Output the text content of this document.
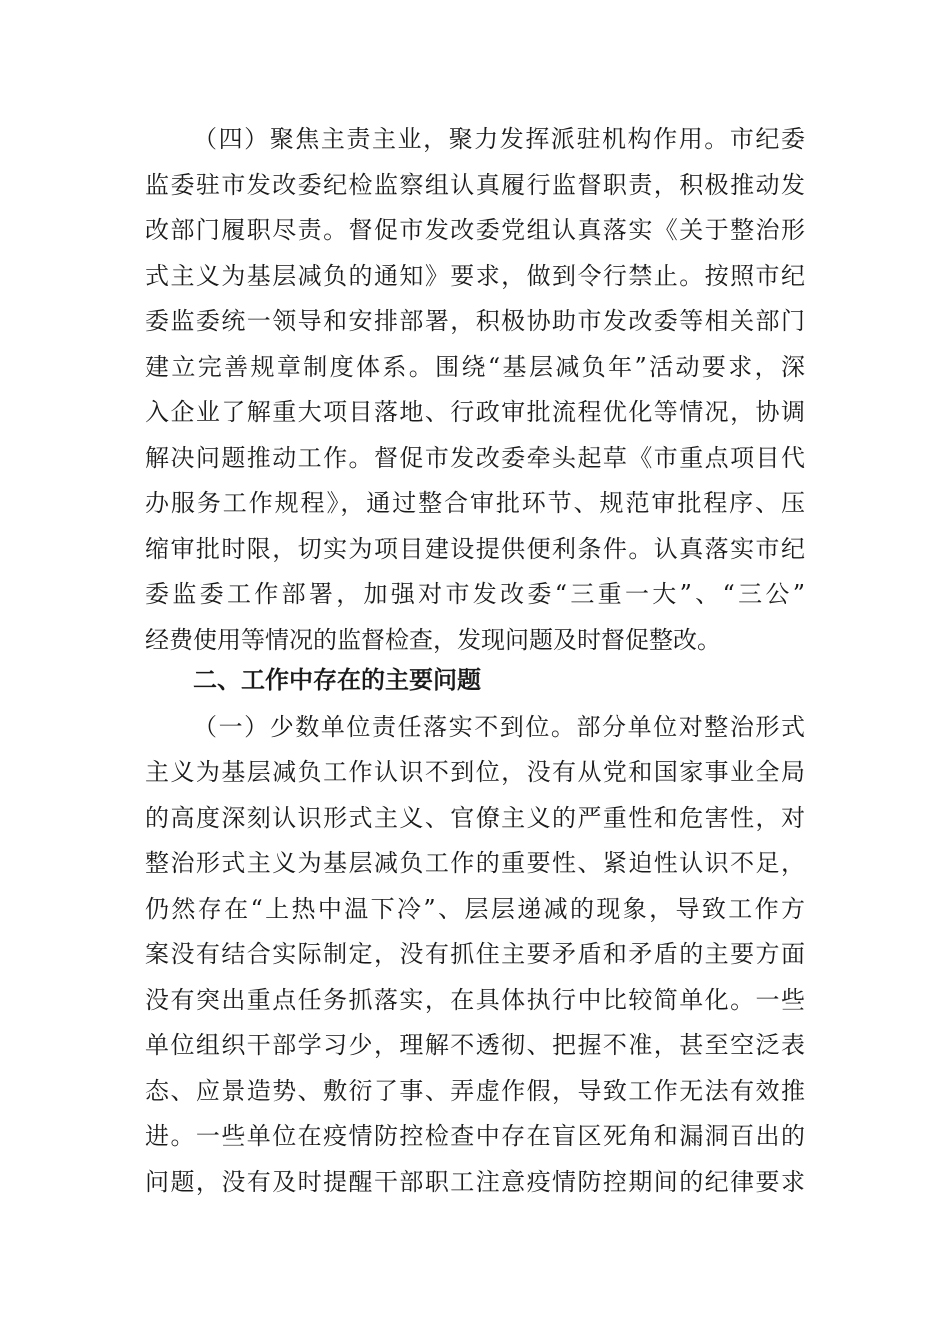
（四）聚焦主责主业，聚力发挥派驻机构作用。市纪委
监委驻市发改委纪检监察组认真履行监督职责，积极推动发
改部门履职尽责。督促市发改委党组认真落实《关于整治形
式主义为基层减负的通知》要求，做到令行禁止。按照市纪
委监委统一领导和安排部署，积极协助市发改委等相关部门
建立完善规章制度体系。围绕“基层减负年”活动要求，深
入企业了解重大项目落地、行政审批流程优化等情况，协调
解决问题推动工作。督促市发改委牵头起草《市重点项目代
办服务工作规程》，通过整合审批环节、规范审批程序、压
缩审批时限，切实为项目建设提供便利条件。认真落实市纪
委监委工作部署，加强对市发改委“三重一大”、“三公”
经费使用等情况的监督检查，发现问题及时督促整改。
二、工作中存在的主要问题
（一）少数单位责任落实不到位。部分单位对整治形式
主义为基层减负工作认识不到位，没有从党和国家事业全局
的高度深刻认识形式主义、官僚主义的严重性和危害性，对
整治形式主义为基层减负工作的重要性、紧迫性认识不足，
仍然存在“上热中温下冷”、层层递减的现象，导致工作方
案没有结合实际制定，没有抓住主要矛盾和矛盾的主要方面
没有突出重点任务抓落实，在具体执行中比较简单化。一些
单位组织干部学习少，理解不透彻、把握不准，甚至空泛表
态、应景造势、敷衍了事、弄虚作假，导致工作无法有效推
进。一些单位在疫情防控检查中存在盲区死角和漏洞百出的
问题，没有及时提醒干部职工注意疫情防控期间的纪律要求
